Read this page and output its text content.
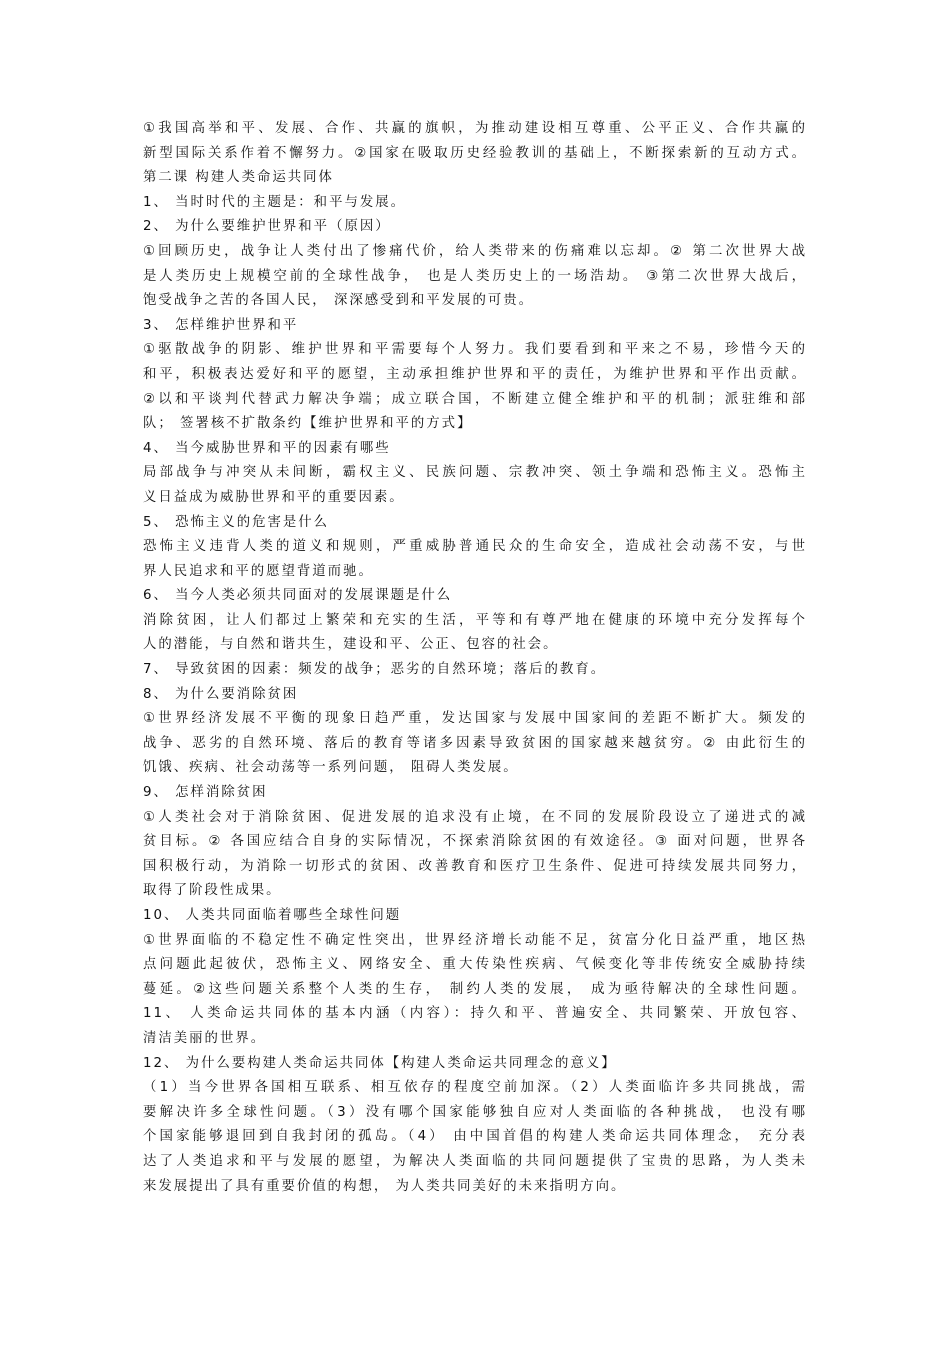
①我国高举和平、发展、合作、共赢的旗帜，为推动建设相互尊重、公平正义、合作共赢的
新型国际关系作着不懈努力。②国家在吸取历史经验教训的基础上，不断探索新的互动方式。
第二课 构建人类命运共同体
1、 当时时代的主题是：和平与发展。
2、 为什么要维护世界和平（原因）
①回顾历史，战争让人类付出了惨痛代价，给人类带来的伤痛难以忘却。② 第二次世界大战
是人类历史上规模空前的全球性战争， 也是人类历史上的一场浩劫。 ③第二次世界大战后，
饱受战争之苦的各国人民， 深深感受到和平发展的可贵。
3、 怎样维护世界和平
①驱散战争的阴影、维护世界和平需要每个人努力。我们要看到和平来之不易，珍惜今天的
和平，积极表达爱好和平的愿望，主动承担维护世界和平的责任，为维护世界和平作出贡献。
②以和平谈判代替武力解决争端；成立联合国，不断建立健全维护和平的机制；派驻维和部
队； 签署核不扩散条约【维护世界和平的方式】
4、 当今威胁世界和平的因素有哪些
局部战争与冲突从未间断，霸权主义、民族问题、宗教冲突、领土争端和恐怖主义。恐怖主
义日益成为威胁世界和平的重要因素。
5、 恐怖主义的危害是什么
恐怖主义违背人类的道义和规则，严重威胁普通民众的生命安全，造成社会动荡不安，与世
界人民追求和平的愿望背道而驰。
6、 当今人类必须共同面对的发展课题是什么
消除贫困，让人们都过上繁荣和充实的生活，平等和有尊严地在健康的环境中充分发挥每个
人的潜能，与自然和谐共生，建设和平、公正、包容的社会。
7、 导致贫困的因素：频发的战争；恶劣的自然环境；落后的教育。
8、 为什么要消除贫困
①世界经济发展不平衡的现象日趋严重，发达国家与发展中国家间的差距不断扩大。频发的
战争、恶劣的自然环境、落后的教育等诸多因素导致贫困的国家越来越贫穷。② 由此衍生的
饥饿、疾病、社会动荡等一系列问题， 阻碍人类发展。
9、 怎样消除贫困
①人类社会对于消除贫困、促进发展的追求没有止境，在不同的发展阶段设立了递进式的减
贫目标。② 各国应结合自身的实际情况，不探索消除贫困的有效途径。③ 面对问题，世界各
国积极行动，为消除一切形式的贫困、改善教育和医疗卫生条件、促进可持续发展共同努力，
取得了阶段性成果。
10、 人类共同面临着哪些全球性问题
①世界面临的不稳定性不确定性突出，世界经济增长动能不足，贫富分化日益严重，地区热
点问题此起彼伏，恐怖主义、网络安全、重大传染性疾病、气候变化等非传统安全威胁持续
蔓延。②这些问题关系整个人类的生存， 制约人类的发展， 成为亟待解决的全球性问题。
11、 人类命运共同体的基本内涵（内容）：持久和平、普遍安全、共同繁荣、开放包容、
清洁美丽的世界。
12、 为什么要构建人类命运共同体【构建人类命运共同理念的意义】
（1）当今世界各国相互联系、相互依存的程度空前加深。（2）人类面临许多共同挑战，需
要解决许多全球性问题。（3）没有哪个国家能够独自应对人类面临的各种挑战， 也没有哪
个国家能够退回到自我封闭的孤岛。（4） 由中国首倡的构建人类命运共同体理念， 充分表
达了人类追求和平与发展的愿望，为解决人类面临的共同问题提供了宝贵的思路，为人类未
来发展提出了具有重要价值的构想， 为人类共同美好的未来指明方向。
